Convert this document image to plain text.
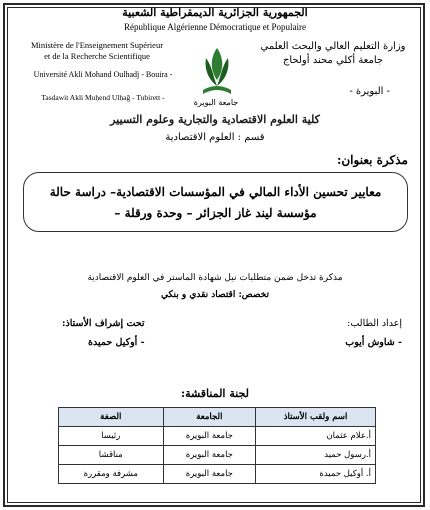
الجمهورية الجزائرية الديمقراطية الشعبية
République Algérienne Démocratique et Populaire
Ministère de l'Enseignement Supérieur
et de la Recherche Scientifique
Université Akli Mohand Oulhadj - Bouira -
Tasdawit Akli Muḥend Ulḥağ - Tubirett -
وزارة التعليم العالي والبحث العلمي
جامعة أكلي محند أولحاج
- البويرة -
جامعة البويرة
كلية العلوم الاقتصادية والتجارية وعلوم التسيير
قسم : العلوم الاقتصادية
مذكرة بعنوان:
معايير تحسين الأداء المالي في المؤسسات الاقتصادية– دراسة حالة
مؤسسة ليند غاز الجزائر – وحدة ورقلة –
مذكرة تدخل ضمن متطلبات نيل شهادة الماستر في العلوم الاقتصادية
تخصص: اقتصاد نقدي و بنكي
إعداد الطالب:
- شاوش أيوب
تحت إشراف الأستاذ:
- أوكيل حميدة
لجنة المناقشة:
اسم ولقب الأستاذ	الجامعة	الصفة
أ.علام عثمان	جامعة البويرة	رئيسا
أ.رسول حميد	جامعة البويرة	مناقشا
أ. أوكيل حميدة	جامعة البويرة	مشرفة ومقررة
